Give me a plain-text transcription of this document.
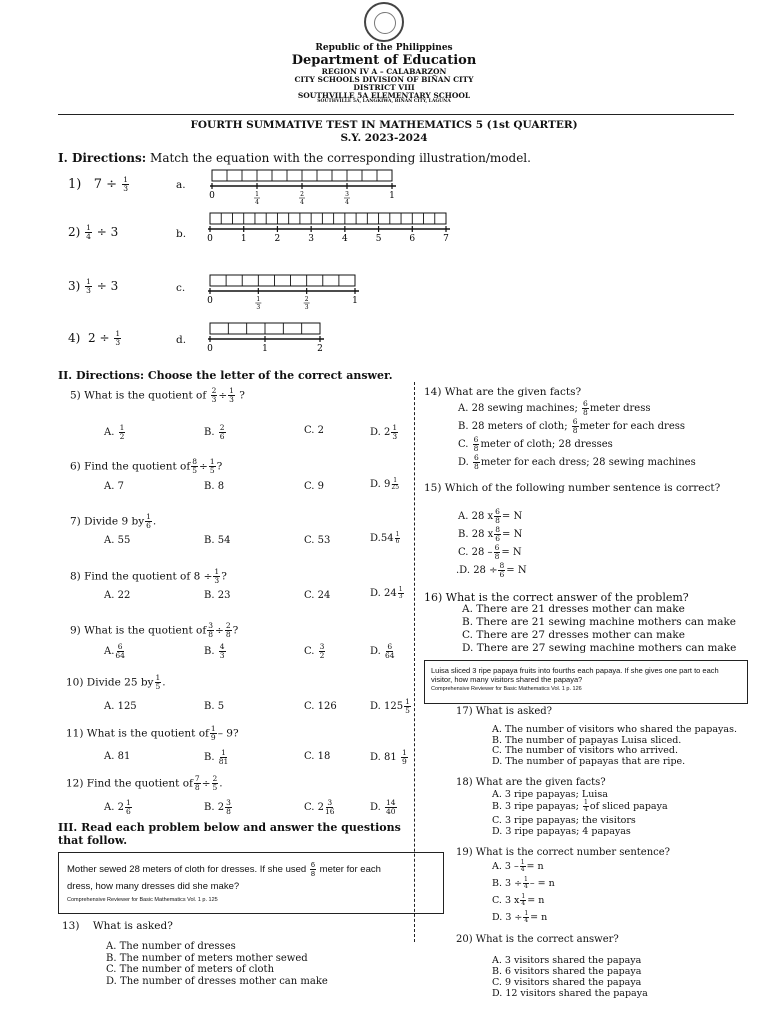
Republic of the Philippines
Department of Education
REGION IV A – CALABARZON
CITY SCHOOLS DIVISION OF BIÑAN CITY
DISTRICT VIII
SOUTHVILLE 5A ELEMENTARY SCHOOL
SOUTHVILLE 5A, LANGKIWA, BIÑAN CITY, LAGUNA
FOURTH SUMMATIVE TEST IN MATHEMATICS 5 (1st QUARTER)
S.Y. 2023-2024
I. Directions: Match the equation with the corresponding illustration/model.
1) $7 \div \frac{1}{3}$	a.
$2) \frac{1}{4} \div 3$	b.
$3) \frac{1}{3} \div 3$	c.
4) $2 \div \frac{1}{3}$	d.
0	1
4
2
4
3
4
1
0	1	2	3	4	5	6	7
0	1
3
2
3
1
0	1	2
II. Directions: Choose the letter of the correct answer.
5) What is the quotient of $\frac{2}{3} \div \frac{1}{3}$ ?
A. $\frac{1}{2}$	B. $\frac{2}{6}$	C. 2	D. $2 \frac{1}{3}$
6) Find the quotient of $\frac{8}{5} \div \frac{1}{5}$ ?
A. 7	B. 8	C. 9	D. $9 \frac{1}{25}$
7) Divide 9 by $\frac{1}{6}$ .
A. 55	B. 54	C. 53	$D.54 \frac{1}{6}$
8) Find the quotient of $8 \div \frac{1}{3}$ ?
A. 22	B. 23	C. 24	D. $24 \frac{1}{3}$
9) What is the quotient of $\frac{3}{8} \div \frac{2}{8}$ ?
A. $\frac{6}{64}$	B. $\frac{4}{3}$	C. $\frac{3}{2}$	D. $\frac{6}{64}$
10) Divide 25 by $\frac{1}{5}$ .
A. 125	B. 5	C. 126	D. $125 \frac{1}{5}$
11) What is the quotient of $\frac{1}{9} - 9$?
A. 81	B. $\frac{1}{81}$	C. 18	D. $81 \frac{1}{9}$
12) Find the quotient of $\frac{7}{8} \div \frac{2}{5}$ .
A. $2 \frac{1}{6}$	B. $2 \frac{3}{8}$	C. $2 \frac{3}{16}$	D. $\frac{14}{40}$
III. Read each problem below and answer the questions that follow.
Mother sewed 28 meters of cloth for dresses. If she used $\frac{6}{8}$ meter for each
dress, how many dresses did she make?
Comprehensive Reviewer for Basic Mathematics Vol. 1 p. 125
13) What is asked?
A. The number of dresses
B. The number of meters mother sewed
C. The number of meters of cloth
D. The number of dresses mother can make
14) What are the given facts?
A. 28 sewing machines; $\frac{6}{8}$ meter dress
B. 28 meters of cloth; $\frac{6}{8}$ meter for each dress
C. $\frac{6}{8}$ meter of cloth; 28 dresses
D. $\frac{6}{8}$ meter for each dress; 28 sewing machines
15) Which of the following number sentence is correct?
A. 28 x $\frac{6}{8} = N$
B. 28 x $\frac{8}{6} = N$
C. $28 - \frac{6}{8} = N$
.D. $28 \div \frac{8}{6} = N$
16) What is the correct answer of the problem?
A. There are 21 dresses mother can make
B. There are 21 sewing machine mothers can make
C. There are 27 dresses mother can make
D. There are 27 sewing machine mothers can make
Luisa sliced 3 ripe papaya fruits into fourths each papaya. If she gives one part to each visitor, how many visitors shared the papaya?
Comprehensive Reviewer for Basic Mathematics Vol. 1 p. 126
17) What is asked?
A. The number of visitors who shared the papayas.
B. The number of papayas Luisa sliced.
C. The number of visitors who arrived.
D. The number of papayas that are ripe.
18) What are the given facts?
A. 3 ripe papayas; Luisa
B. 3 ripe papayas; $\frac{1}{4}$ of sliced papaya
C. 3 ripe papayas; the visitors
D. 3 ripe papayas; 4 papayas
19) What is the correct number sentence?
A. $3 - \frac{1}{4} = n$
B. $3 \div \frac{1}{4}$ – = n
C. 3 x $\frac{1}{4} = n$
D. $3 \div \frac{1}{4} = n$
20) What is the correct answer?
A. 3 visitors shared the papaya
B. 6 visitors shared the papaya
C. 9 visitors shared the papaya
D. 12 visitors shared the papaya
